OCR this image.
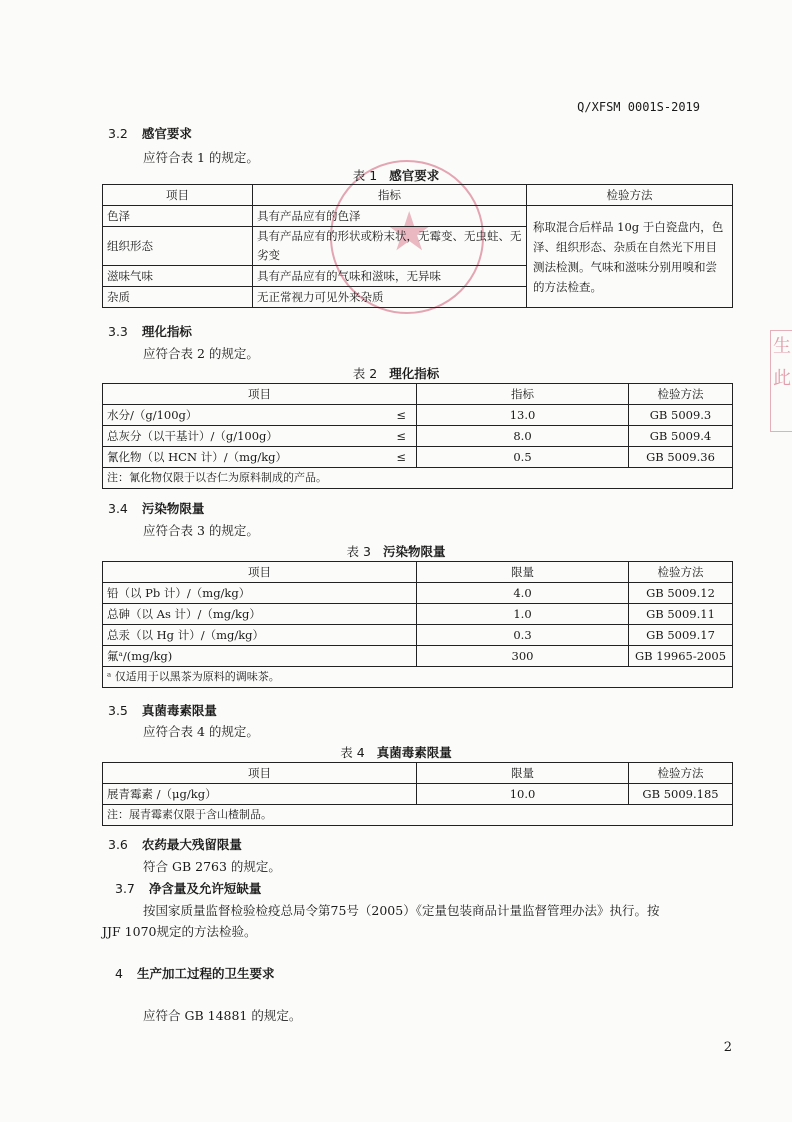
★
生
此
Q/XFSM 0001S-2019
3.2 感官要求
应符合表 1 的规定。
表 1 感官要求
项目	指标	检验方法
色泽	具有产品应有的色泽	称取混合后样品 10g 于白瓷盘内，色泽、组织形态、杂质在自然光下用目测法检测。气味和滋味分别用嗅和尝的方法检查。
组织形态	具有产品应有的形状或粉末状，无霉变、无虫蛀、无劣变	
滋味气味	具有产品应有的气味和滋味，无异味	
杂质	无正常视力可见外来杂质	
3.3 理化指标
应符合表 2 的规定。
表 2 理化指标
项目	指标	检验方法
水分/（g/100g） ≤	13.0	GB 5009.3
总灰分（以干基计）/（g/100g） ≤	8.0	GB 5009.4
氰化物（以 HCN 计）/（mg/kg） ≤	0.5	GB 5009.36
注：氰化物仅限于以杏仁为原料制成的产品。		
3.4 污染物限量
应符合表 3 的规定。
表 3 污染物限量
项目	限量	检验方法
铅（以 Pb 计）/（mg/kg）	4.0	GB 5009.12
总砷（以 As 计）/（mg/kg）	1.0	GB 5009.11
总汞（以 Hg 计）/（mg/kg）	0.3	GB 5009.17
氟ᵃ/(mg/kg)	300	GB 19965-2005
ᵃ 仅适用于以黑茶为原料的调味茶。		
3.5 真菌毒素限量
应符合表 4 的规定。
表 4 真菌毒素限量
项目	限量	检验方法
展青霉素 /（μg/kg）	10.0	GB 5009.185
注：展青霉素仅限于含山楂制品。		
3.6 农药最大残留限量
符合 GB 2763 的规定。
3.7 净含量及允许短缺量
按国家质量监督检验检疫总局令第75号（2005）《定量包装商品计量监督管理办法》执行。按
JJF 1070规定的方法检验。
4 生产加工过程的卫生要求
应符合 GB 14881 的规定。
2
